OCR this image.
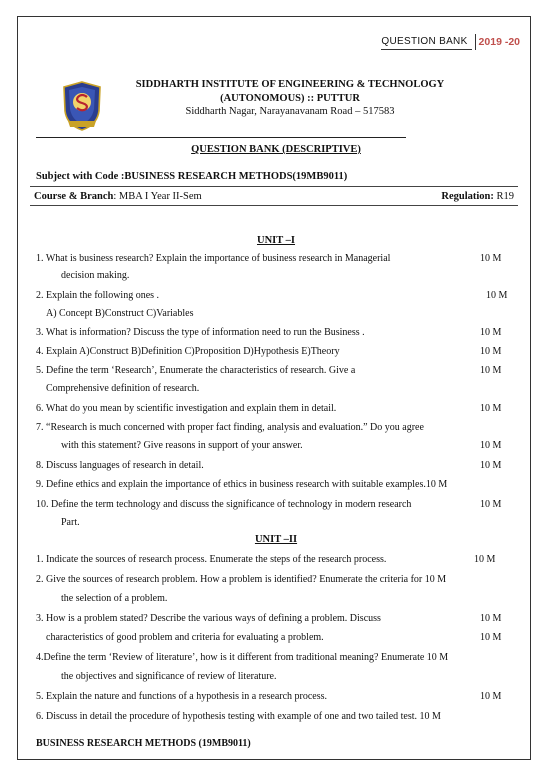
QUESTION BANK	2019 -20
SIDDHARTH INSTITUTE OF ENGINEERING & TECHNOLOGY
(AUTONOMOUS) :: PUTTUR
Siddharth Nagar, Narayanavanam Road – 517583
QUESTION BANK (DESCRIPTIVE)
Subject with Code :BUSINESS RESEARCH METHODS(19MB9011)
Course & Branch: MBA I Year II-Sem	Regulation: R19
UNIT –I
1. What is business research? Explain the importance of business research in Managerial	10 M
decision making.
2. Explain the following ones .	10 M
A) Concept B)Construct C)Variables
3. What is information? Discuss the type of information need to run the Business .	10 M
4. Explain A)Construct B)Definition C)Proposition D)Hypothesis E)Theory	10 M
5. Define the term ‘Research’, Enumerate the characteristics of research. Give a	10 M
Comprehensive definition of research.
6. What do you mean by scientific investigation and explain them in detail.	10 M
7. “Research is much concerned with proper fact finding, analysis and evaluation.” Do you agree
with this statement? Give reasons in support of your answer.	10 M
8. Discuss languages of research in detail.	10 M
9. Define ethics and explain the importance of ethics in business research with suitable examples.10 M
10. Define the term technology and discuss the significance of technology in modern research	10 M
Part.
UNIT –II
1. Indicate the sources of research process. Enumerate the steps of the research process.	10 M
2. Give the sources of research problem. How a problem is identified? Enumerate the criteria for 10 M
the selection of a problem.
3. How is a problem stated? Describe the various ways of defining a problem. Discuss	10 M
characteristics of good problem and criteria for evaluating a problem.	10 M
4.Define the term ‘Review of literature’, how is it different from traditional meaning? Enumerate 10 M
the objectives and significance of review of literature.
5. Explain the nature and functions of a hypothesis in a research process.	10 M
6. Discuss in detail the procedure of hypothesis testing with example of one and two tailed test. 10 M
BUSINESS RESEARCH METHODS (19MB9011)
